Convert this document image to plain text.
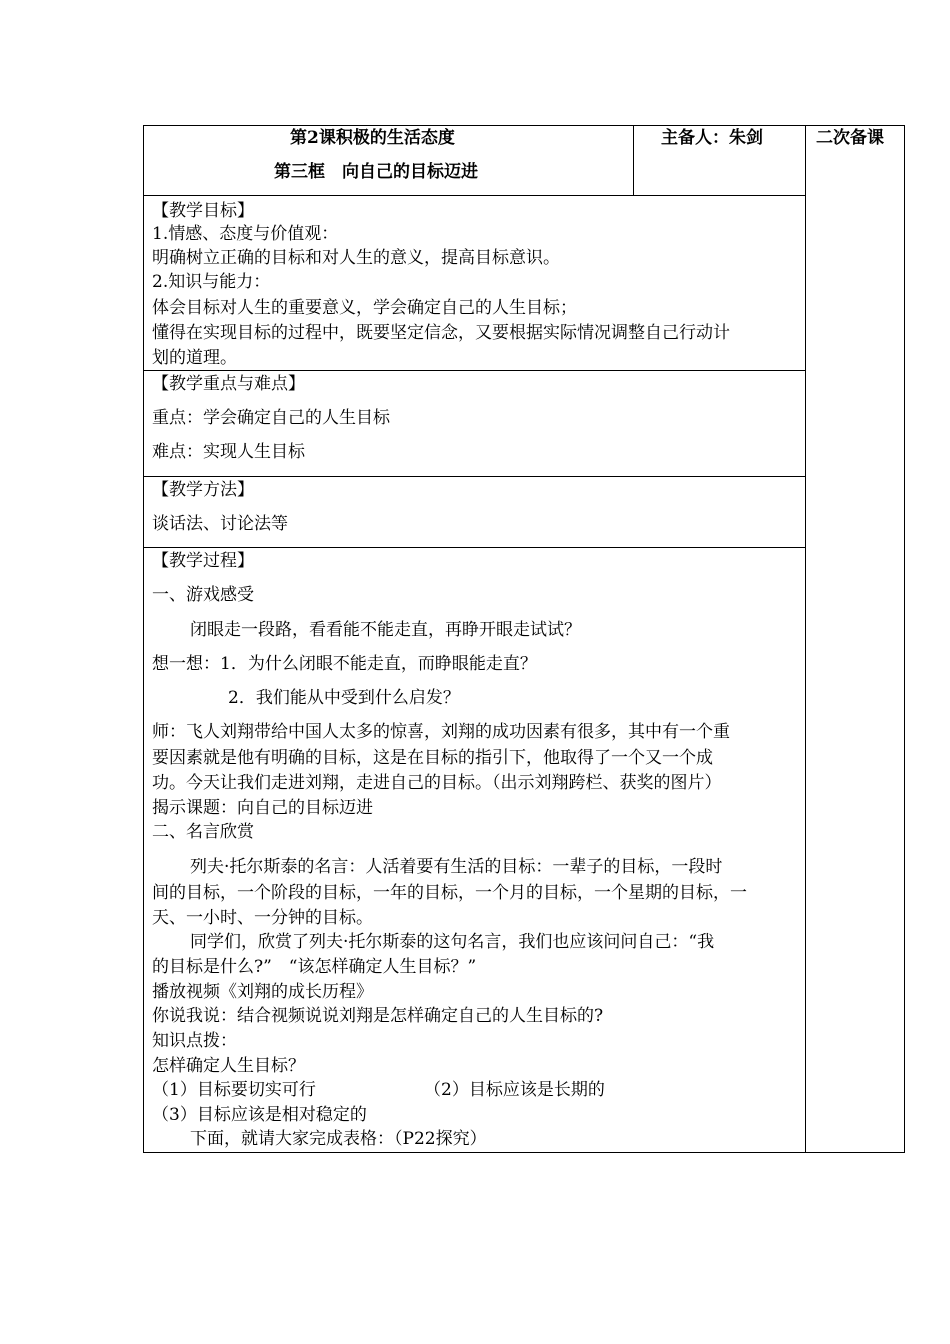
第2课积极的生活态度
第三框　向自己的目标迈进
主备人：朱剑	二次备课
【教学目标】
1.情感、态度与价值观：
明确树立正确的目标和对人生的意义，提高目标意识。
2.知识与能力：
体会目标对人生的重要意义，学会确定自己的人生目标；
懂得在实现目标的过程中，既要坚定信念，又要根据实际情况调整自己行动计
划的道理。
【教学重点与难点】
重点：学会确定自己的人生目标
难点：实现人生目标
【教学方法】
谈话法、讨论法等
【教学过程】
一、游戏感受
闭眼走一段路，看看能不能走直，再睁开眼走试试？
想一想：1．为什么闭眼不能走直，而睁眼能走直？
2．我们能从中受到什么启发？
师：飞人刘翔带给中国人太多的惊喜，刘翔的成功因素有很多，其中有一个重
要因素就是他有明确的目标，这是在目标的指引下，他取得了一个又一个成
功。今天让我们走进刘翔，走进自己的目标。（出示刘翔跨栏、获奖的图片）
揭示课题：向自己的目标迈进
二、名言欣赏
列夫·托尔斯泰的名言：人活着要有生活的目标：一辈子的目标，一段时
间的目标，一个阶段的目标，一年的目标，一个月的目标，一个星期的目标，一
天、一小时、一分钟的目标。
同学们，欣赏了列夫·托尔斯泰的这句名言，我们也应该问问自己：“我
的目标是什么?”　“该怎样确定人生目标？”
播放视频《刘翔的成长历程》
你说我说：结合视频说说刘翔是怎样确定自己的人生目标的?
知识点拨：
怎样确定人生目标？
（1）目标要切实可行	（2）目标应该是长期的
（3）目标应该是相对稳定的
下面，就请大家完成表格：（P22探究）
